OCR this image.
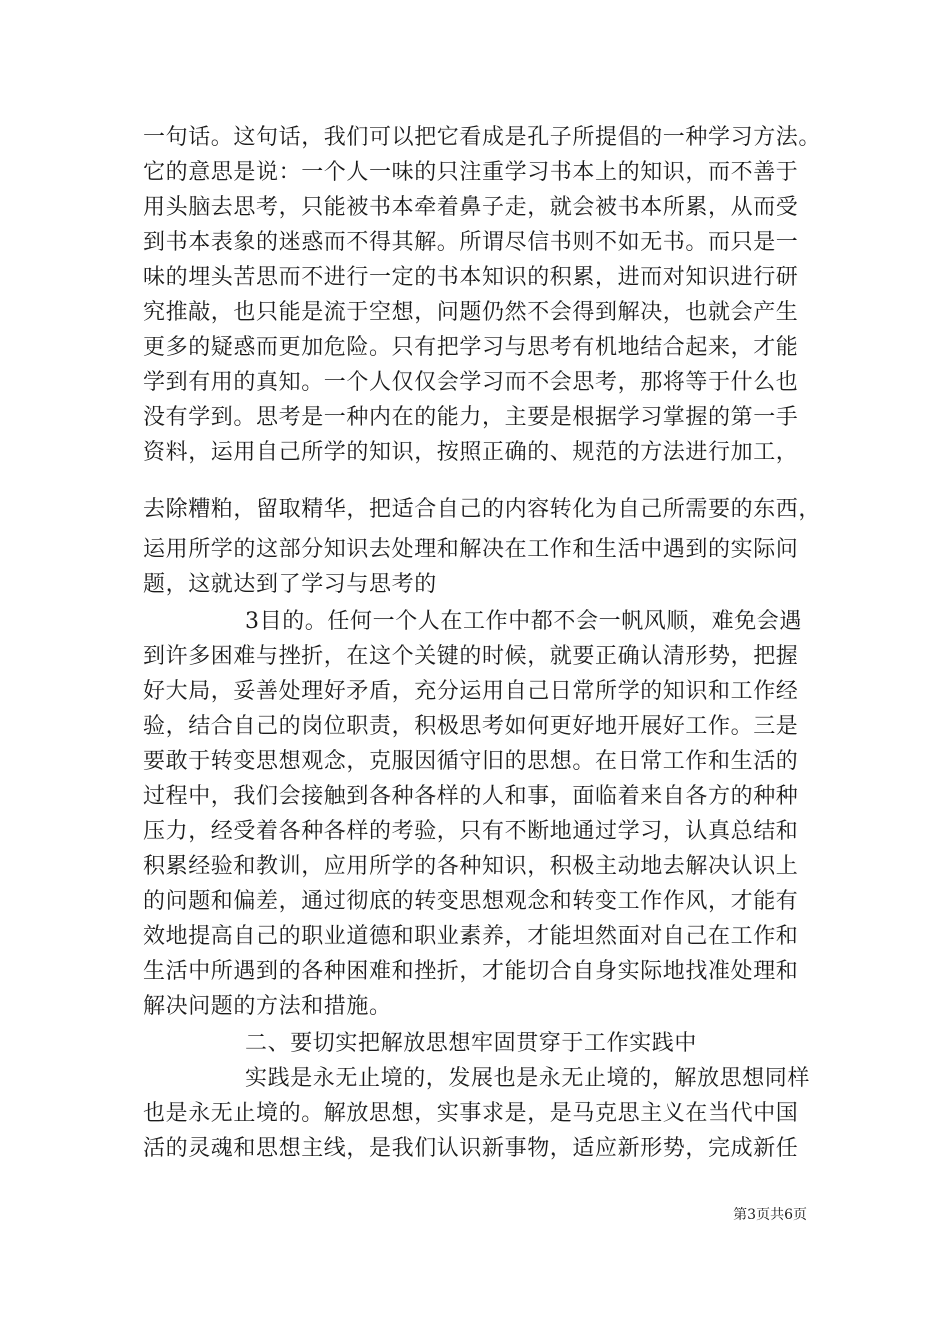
一句话。这句话，我们可以把它看成是孔子所提倡的一种学习方法。
它的意思是说：一个人一味的只注重学习书本上的知识，而不善于
用头脑去思考，只能被书本牵着鼻子走，就会被书本所累，从而受
到书本表象的迷惑而不得其解。所谓尽信书则不如无书。而只是一
味的埋头苦思而不进行一定的书本知识的积累，进而对知识进行研
究推敲，也只能是流于空想，问题仍然不会得到解决，也就会产生
更多的疑惑而更加危险。只有把学习与思考有机地结合起来，才能
学到有用的真知。一个人仅仅会学习而不会思考，那将等于什么也
没有学到。思考是一种内在的能力，主要是根据学习掌握的第一手
资料，运用自己所学的知识，按照正确的、规范的方法进行加工，
去除糟粕，留取精华，把适合自己的内容转化为自己所需要的东西，
运用所学的这部分知识去处理和解决在工作和生活中遇到的实际问
题，这就达到了学习与思考的
3目的。任何一个人在工作中都不会一帆风顺，难免会遇
到许多困难与挫折，在这个关键的时候，就要正确认清形势，把握
好大局，妥善处理好矛盾，充分运用自己日常所学的知识和工作经
验，结合自己的岗位职责，积极思考如何更好地开展好工作。三是
要敢于转变思想观念，克服因循守旧的思想。在日常工作和生活的
过程中，我们会接触到各种各样的人和事，面临着来自各方的种种
压力，经受着各种各样的考验，只有不断地通过学习，认真总结和
积累经验和教训，应用所学的各种知识，积极主动地去解决认识上
的问题和偏差，通过彻底的转变思想观念和转变工作作风，才能有
效地提高自己的职业道德和职业素养，才能坦然面对自己在工作和
生活中所遇到的各种困难和挫折，才能切合自身实际地找准处理和
解决问题的方法和措施。
二、要切实把解放思想牢固贯穿于工作实践中
实践是永无止境的，发展也是永无止境的，解放思想同样
也是永无止境的。解放思想，实事求是，是马克思主义在当代中国
活的灵魂和思想主线，是我们认识新事物，适应新形势，完成新任
第3页共6页
